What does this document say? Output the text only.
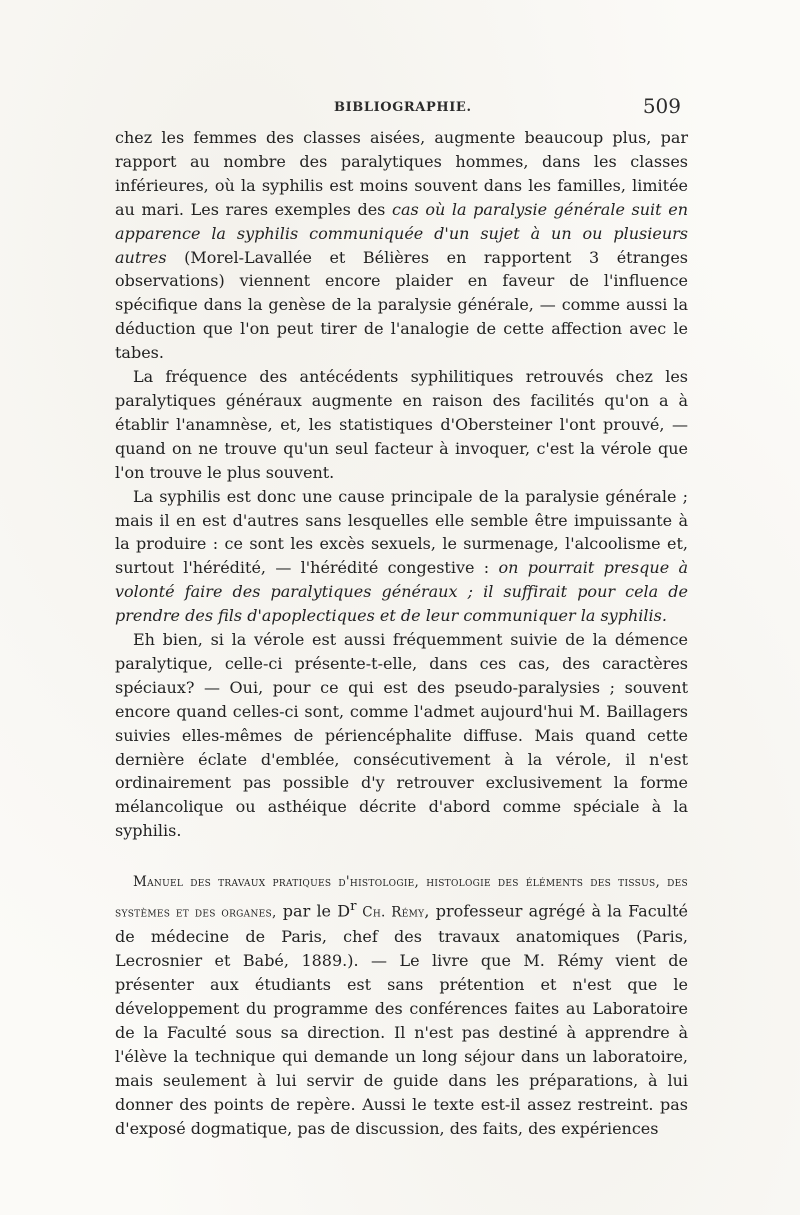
BIBLIOGRAPHIE.	509

chez les femmes des classes aisées, augmente beaucoup plus, par rapport au nombre des paralytiques hommes, dans les classes inférieures, où la syphilis est moins souvent dans les familles, limitée au mari. Les rares exemples des cas où la paralysie générale suit en apparence la syphilis communiquée d'un sujet à un ou plusieurs autres (Morel-Lavallée et Bélières en rapportent 3 étranges observations) viennent encore plaider en faveur de l'influence spécifique dans la genèse de la paralysie générale, — comme aussi la déduction que l'on peut tirer de l'analogie de cette affection avec le tabes.

La fréquence des antécédents syphilitiques retrouvés chez les paralytiques généraux augmente en raison des facilités qu'on a à établir l'anamnèse, et, les statistiques d'Obersteiner l'ont prouvé, — quand on ne trouve qu'un seul facteur à invoquer, c'est la vérole que l'on trouve le plus souvent.

La syphilis est donc une cause principale de la paralysie générale ; mais il en est d'autres sans lesquelles elle semble être impuissante à la produire : ce sont les excès sexuels, le surmenage, l'alcoolisme et, surtout l'hérédité, — l'hérédité congestive : on pourrait presque à volonté faire des paralytiques généraux ; il suffirait pour cela de prendre des fils d'apoplectiques et de leur communiquer la syphilis.

Eh bien, si la vérole est aussi fréquemment suivie de la démence paralytique, celle-ci présente-t-elle, dans ces cas, des caractères spéciaux? — Oui, pour ce qui est des pseudo-paralysies ; souvent encore quand celles-ci sont, comme l'admet aujourd'hui M. Baillagers suivies elles-mêmes de périencéphalite diffuse. Mais quand cette dernière éclate d'emblée, consécutivement à la vérole, il n'est ordinairement pas possible d'y retrouver exclusivement la forme mélancolique ou asthéique décrite d'abord comme spéciale à la syphilis.

Manuel des travaux pratiques d'histologie, histologie des éléments des tissus, des systèmes et des organes, par le $D^r$ Ch. Rémy, professeur agrégé à la Faculté de médecine de Paris, chef des travaux anatomiques (Paris, Lecrosnier et Babé, 1889.). — Le livre que M. Rémy vient de présenter aux étudiants est sans prétention et n'est que le développement du programme des conférences faites au Laboratoire de la Faculté sous sa direction. Il n'est pas destiné à apprendre à l'élève la technique qui demande un long séjour dans un laboratoire, mais seulement à lui servir de guide dans les préparations, à lui donner des points de repère. Aussi le texte est-il assez restreint. pas d'exposé dogmatique, pas de discussion, des faits, des expériences
